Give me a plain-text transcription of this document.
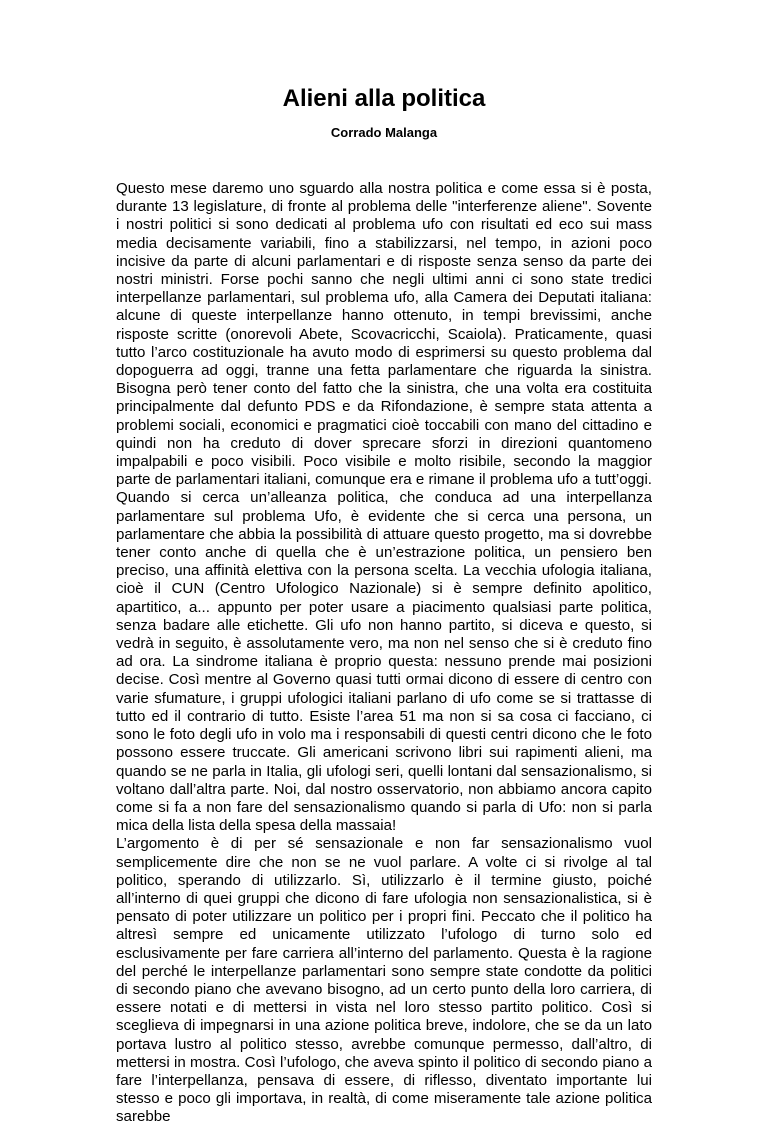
Alieni alla politica
Corrado Malanga

Questo mese daremo uno sguardo alla nostra politica e come essa si è posta, durante 13 legislature, di fronte al problema delle "interferenze aliene". Sovente i nostri politici si sono dedicati al problema ufo con risultati ed eco sui mass media decisamente variabili, fino a stabilizzarsi, nel tempo, in azioni poco incisive da parte di alcuni parlamentari e di risposte senza senso da parte dei nostri ministri. Forse pochi sanno che negli ultimi anni ci sono state tredici interpellanze parlamentari, sul problema ufo, alla Camera dei Deputati italiana: alcune di queste interpellanze hanno ottenuto, in tempi brevissimi, anche risposte scritte (onorevoli Abete, Scovacricchi, Scaiola). Praticamente, quasi tutto l’arco costituzionale ha avuto modo di esprimersi su questo problema dal dopoguerra ad oggi, tranne una fetta parlamentare che riguarda la sinistra. Bisogna però tener conto del fatto che la sinistra, che una volta era costituita principalmente dal defunto PDS e da Rifondazione, è sempre stata attenta a problemi sociali, economici e pragmatici cioè toccabili con mano del cittadino e quindi non ha creduto di dover sprecare sforzi in direzioni quantomeno impalpabili e poco visibili. Poco visibile e molto risibile, secondo la maggior parte de parlamentari italiani, comunque era e rimane il problema ufo a tutt’oggi. Quando si cerca un’alleanza politica, che conduca ad una interpellanza parlamentare sul problema Ufo, è evidente che si cerca una persona, un parlamentare che abbia la possibilità di attuare questo progetto, ma si dovrebbe tener conto anche di quella che è un’estrazione politica, un pensiero ben preciso, una affinità elettiva con la persona scelta. La vecchia ufologia italiana, cioè il CUN (Centro Ufologico Nazionale) si è sempre definito apolitico, apartitico, a... appunto per poter usare a piacimento qualsiasi parte politica, senza badare alle etichette. Gli ufo non hanno partito, si diceva e questo, si vedrà in seguito, è assolutamente vero, ma non nel senso che si è creduto fino ad ora. La sindrome italiana è proprio questa: nessuno prende mai posizioni decise. Così mentre al Governo quasi tutti ormai dicono di essere di centro con varie sfumature, i gruppi ufologici italiani parlano di ufo come se si trattasse di tutto ed il contrario di tutto. Esiste l’area 51 ma non si sa cosa ci facciano, ci sono le foto degli ufo in volo ma i responsabili di questi centri dicono che le foto possono essere truccate. Gli americani scrivono libri sui rapimenti alieni, ma quando se ne parla in Italia, gli ufologi seri, quelli lontani dal sensazionalismo, si voltano dall’altra parte. Noi, dal nostro osservatorio, non abbiamo ancora capito come si fa a non fare del sensazionalismo quando si parla di Ufo: non si parla mica della lista della spesa della massaia!

L’argomento è di per sé sensazionale e non far sensazionalismo vuol semplicemente dire che non se ne vuol parlare. A volte ci si rivolge al tal politico, sperando di utilizzarlo. Sì, utilizzarlo è il termine giusto, poiché all’interno di quei gruppi che dicono di fare ufologia non sensazionalistica, si è pensato di poter utilizzare un politico per i propri fini. Peccato che il politico ha altresì sempre ed unicamente utilizzato l’ufologo di turno solo ed esclusivamente per fare carriera all’interno del parlamento. Questa è la ragione del perché le interpellanze parlamentari sono sempre state condotte da politici di secondo piano che avevano bisogno, ad un certo punto della loro carriera, di essere notati e di mettersi in vista nel loro stesso partito politico. Così si sceglieva di impegnarsi in una azione politica breve, indolore, che se da un lato portava lustro al politico stesso, avrebbe comunque permesso, dall’altro, di mettersi in mostra. Così l’ufologo, che aveva spinto il politico di secondo piano a fare l’interpellanza, pensava di essere, di riflesso, diventato importante lui stesso e poco gli importava, in realtà, di come miseramente tale azione politica sarebbe
